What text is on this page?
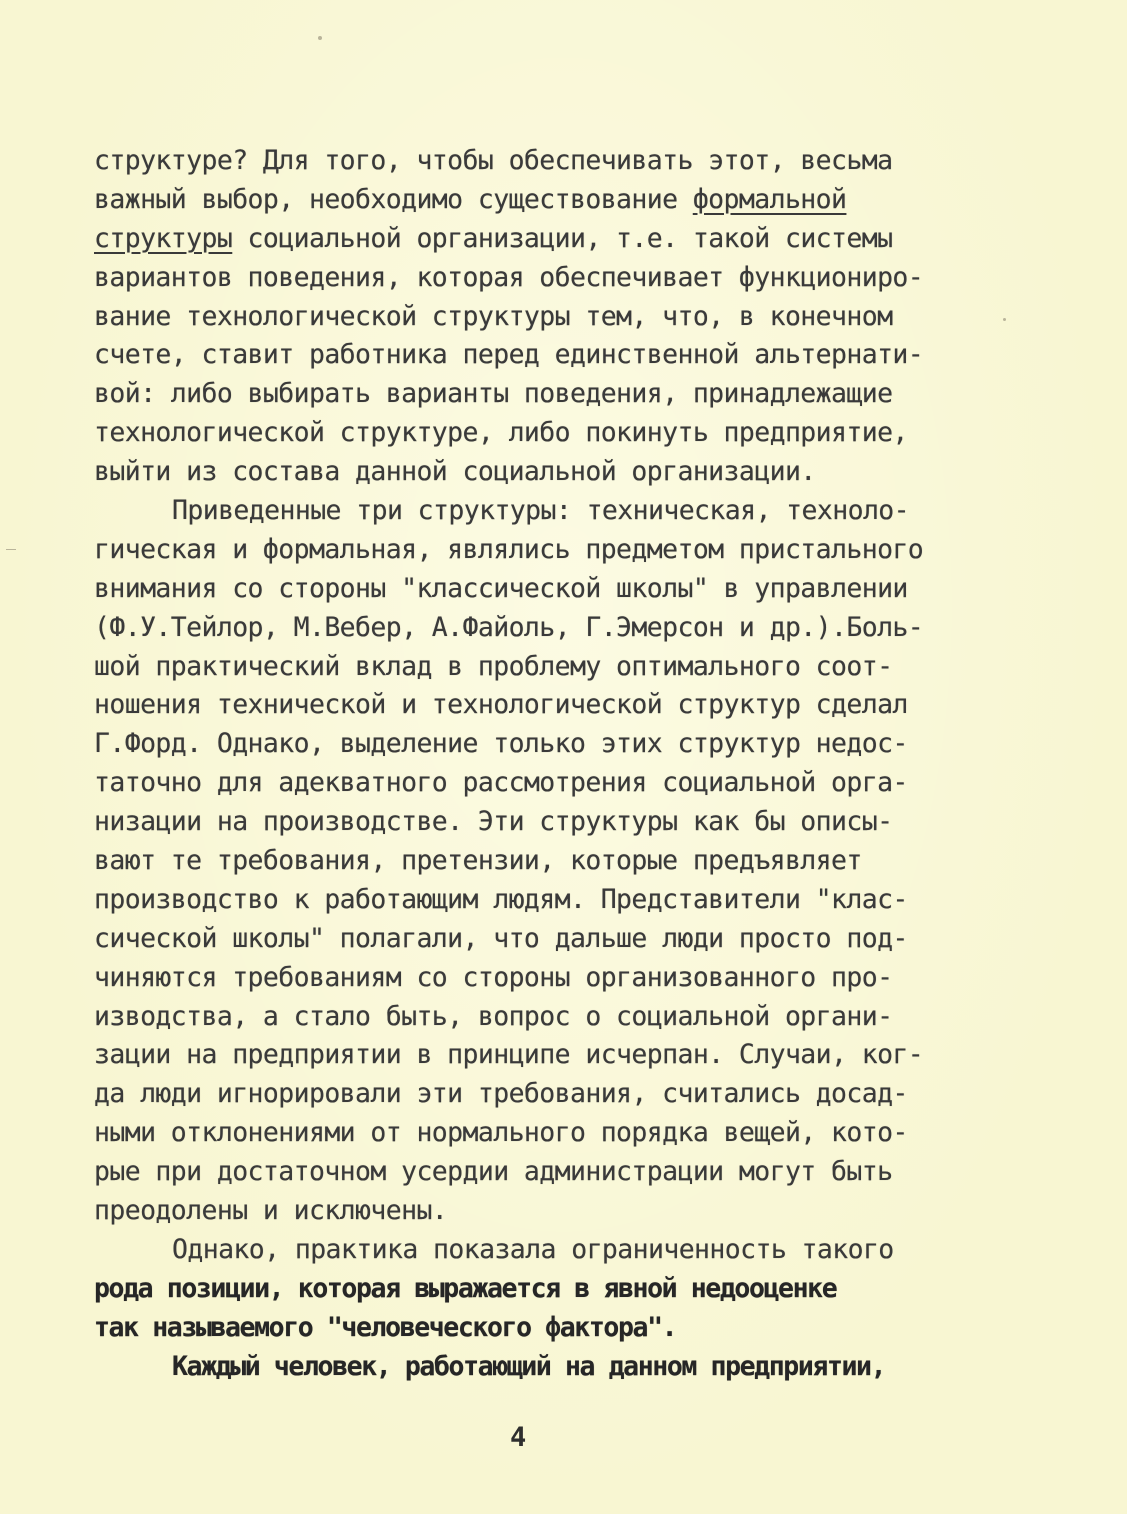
структуре? Для того, чтобы обеспечивать этот, весьма
важный выбор, необходимо существование формальной
структуры социальной организации, т.е. такой системы
вариантов поведения, которая обеспечивает функциониро-
вание технологической структуры тем, что, в конечном
счете, ставит работника перед единственной альтернати-
вой: либо выбирать варианты поведения, принадлежащие
технологической структуре, либо покинуть предприятие,
выйти из состава данной социальной организации.
Приведенные три структуры: техническая, техноло-
гическая и формальная, являлись предметом пристального
внимания со стороны "классической школы" в управлении
(Ф.У.Тейлор, М.Вебер, А.Файоль, Г.Эмерсон и др.).Боль-
шой практический вклад в проблему оптимального соот-
ношения технической и технологической структур сделал
Г.Форд. Однако, выделение только этих структур недос-
таточно для адекватного рассмотрения социальной орга-
низации на производстве. Эти структуры как бы описы-
вают те требования, претензии, которые предъявляет
производство к работающим людям. Представители "клас-
сической школы" полагали, что дальше люди просто под-
чиняются требованиям со стороны организованного про-
изводства, а стало быть, вопрос о социальной органи-
зации на предприятии в принципе исчерпан. Случаи, ког-
да люди игнорировали эти требования, считались досад-
ными отклонениями от нормального порядка вещей, кото-
рые при достаточном усердии администрации могут быть
преодолены и исключены.
Однако, практика показала ограниченность такого
рода позиции, которая выражается в явной недооценке
так называемого "человеческого фактора".
Каждый человек, работающий на данном предприятии,
4
